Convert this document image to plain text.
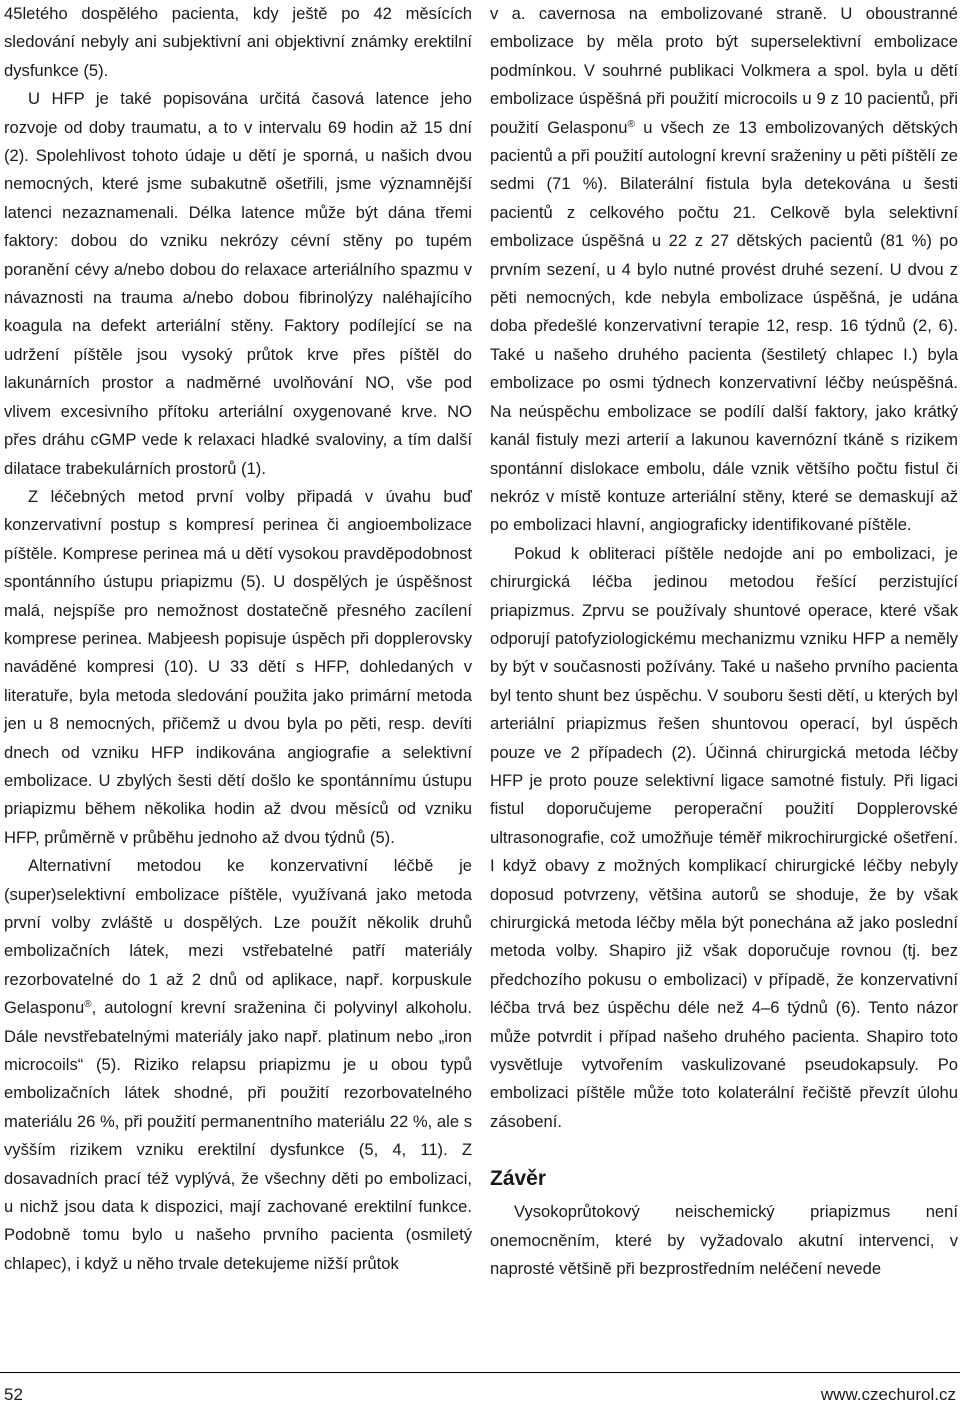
45letého dospělého pacienta, kdy ještě po 42 měsících sledování nebyly ani subjektivní ani objektivní známky erektilní dysfunkce (5).

U HFP je také popisována určitá časová latence jeho rozvoje od doby traumatu, a to v intervalu 69 hodin až 15 dní (2). Spolehlivost tohoto údaje u dětí je sporná, u našich dvou nemocných, které jsme subakutně ošetřili, jsme významnější latenci nezaznamenali. Délka latence může být dána třemi faktory: dobou do vzniku nekrózy cévní stěny po tupém poranění cévy a/nebo dobou do relaxace arteriálního spazmu v návaznosti na trauma a/nebo dobou fibrinolýzy naléhajícího koagula na defekt arteriální stěny. Faktory podílející se na udržení píštěle jsou vysoký průtok krve přes píštěl do lakunárních prostor a nadměrné uvolňování NO, vše pod vlivem excesivního přítoku arteriální oxygenované krve. NO přes dráhu cGMP vede k relaxaci hladké svaloviny, a tím další dilatace trabekulárních prostorů (1).

Z léčebných metod první volby připadá v úvahu buď konzervativní postup s kompresí perinea či angioembolizace píštěle. Komprese perinea má u dětí vysokou pravděpodobnost spontánního ústupu priapizmu (5). U dospělých je úspěšnost malá, nejspíše pro nemožnost dostatečně přesného zacílení komprese perinea. Mabjeesh popisuje úspěch při dopplerovsky naváděné kompresi (10). U 33 dětí s HFP, dohledaných v literatuře, byla metoda sledování použita jako primární metoda jen u 8 nemocných, přičemž u dvou byla po pěti, resp. devíti dnech od vzniku HFP indikována angiografie a selektivní embolizace. U zbylých šesti dětí došlo ke spontánnímu ústupu priapizmu během několika hodin až dvou měsíců od vzniku HFP, průměrně v průběhu jednoho až dvou týdnů (5).

Alternativní metodou ke konzervativní léčbě je (super)selektivní embolizace píštěle, využívaná jako metoda první volby zvláště u dospělých. Lze použít několik druhů embolizačních látek, mezi vstřebatelné patří materiály rezorbovatelné do 1 až 2 dnů od aplikace, např. korpuskule Gelasponu®, autologní krevní sraženina či polyvinyl alkoholu. Dále nevstřebatelnými materiály jako např. platinum nebo „iron microcoils“ (5). Riziko relapsu priapizmu je u obou typů embolizačních látek shodné, při použití rezorbovatelného materiálu 26 %, při použití permanentního materiálu 22 %, ale s vyšším rizikem vzniku erektilní dysfunkce (5, 4, 11). Z dosavadních prací též vyplývá, že všechny děti po embolizaci, u nichž jsou data k dispozici, mají zachované erektilní funkce. Podobně tomu bylo u našeho prvního pacienta (osmiletý chlapec), i když u něho trvale detekujeme nižší průtok

v a. cavernosa na embolizované straně. U oboustranné embolizace by měla proto být superselektivní embolizace podmínkou. V souhrné publikaci Volkmera a spol. byla u dětí embolizace úspěšná při použití microcoils u 9 z 10 pacientů, při použití Gelasponu® u všech ze 13 embolizovaných dětských pacientů a při použití autologní krevní sraženiny u pěti píštělí ze sedmi (71 %). Bilaterální fistula byla detekována u šesti pacientů z celkového počtu 21. Celkově byla selektivní embolizace úspěšná u 22 z 27 dětských pacientů (81 %) po prvním sezení, u 4 bylo nutné provést druhé sezení. U dvou z pěti nemocných, kde nebyla embolizace úspěšná, je udána doba předešlé konzervativní terapie 12, resp. 16 týdnů (2, 6). Také u našeho druhého pacienta (šestiletý chlapec I.) byla embolizace po osmi týdnech konzervativní léčby neúspěšná. Na neúspěchu embolizace se podílí další faktory, jako krátký kanál fistuly mezi arterií a lakunou kavernózní tkáně s rizikem spontánní dislokace embolu, dále vznik většího počtu fistul či nekróz v místě kontuze arteriální stěny, které se demaskují až po embolizaci hlavní, angiograficky identifikované píštěle.

Pokud k obliteraci píštěle nedojde ani po embolizaci, je chirurgická léčba jedinou metodou řešící perzistující priapizmus. Zprvu se používaly shuntové operace, které však odporují patofyziologickému mechanizmu vzniku HFP a neměly by být v současnosti požívány. Také u našeho prvního pacienta byl tento shunt bez úspěchu. V souboru šesti dětí, u kterých byl arteriální priapizmus řešen shuntovou operací, byl úspěch pouze ve 2 případech (2). Účinná chirurgická metoda léčby HFP je proto pouze selektivní ligace samotné fistuly. Při ligaci fistul doporučujeme peroperační použití Dopplerovské ultrasonografie, což umožňuje téměř mikrochirurgické ošetření. I když obavy z možných komplikací chirurgické léčby nebyly doposud potvrzeny, většina autorů se shoduje, že by však chirurgická metoda léčby měla být ponechána až jako poslední metoda volby. Shapiro již však doporučuje rovnou (tj. bez předchozího pokusu o embolizaci) v případě, že konzervativní léčba trvá bez úspěchu déle než 4–6 týdnů (6). Tento názor může potvrdit i případ našeho druhého pacienta. Shapiro toto vysvětluje vytvořením vaskulizované pseudokapsuly. Po embolizaci píštěle může toto kolaterální řečiště převzít úlohu zásobení.

Závěr

Vysokoprůtokový neischemický priapizmus není onemocněním, které by vyžadovalo akutní intervenci, v naprosté většině při bezprostředním neléčení nevede

52	www.czechurol.cz
